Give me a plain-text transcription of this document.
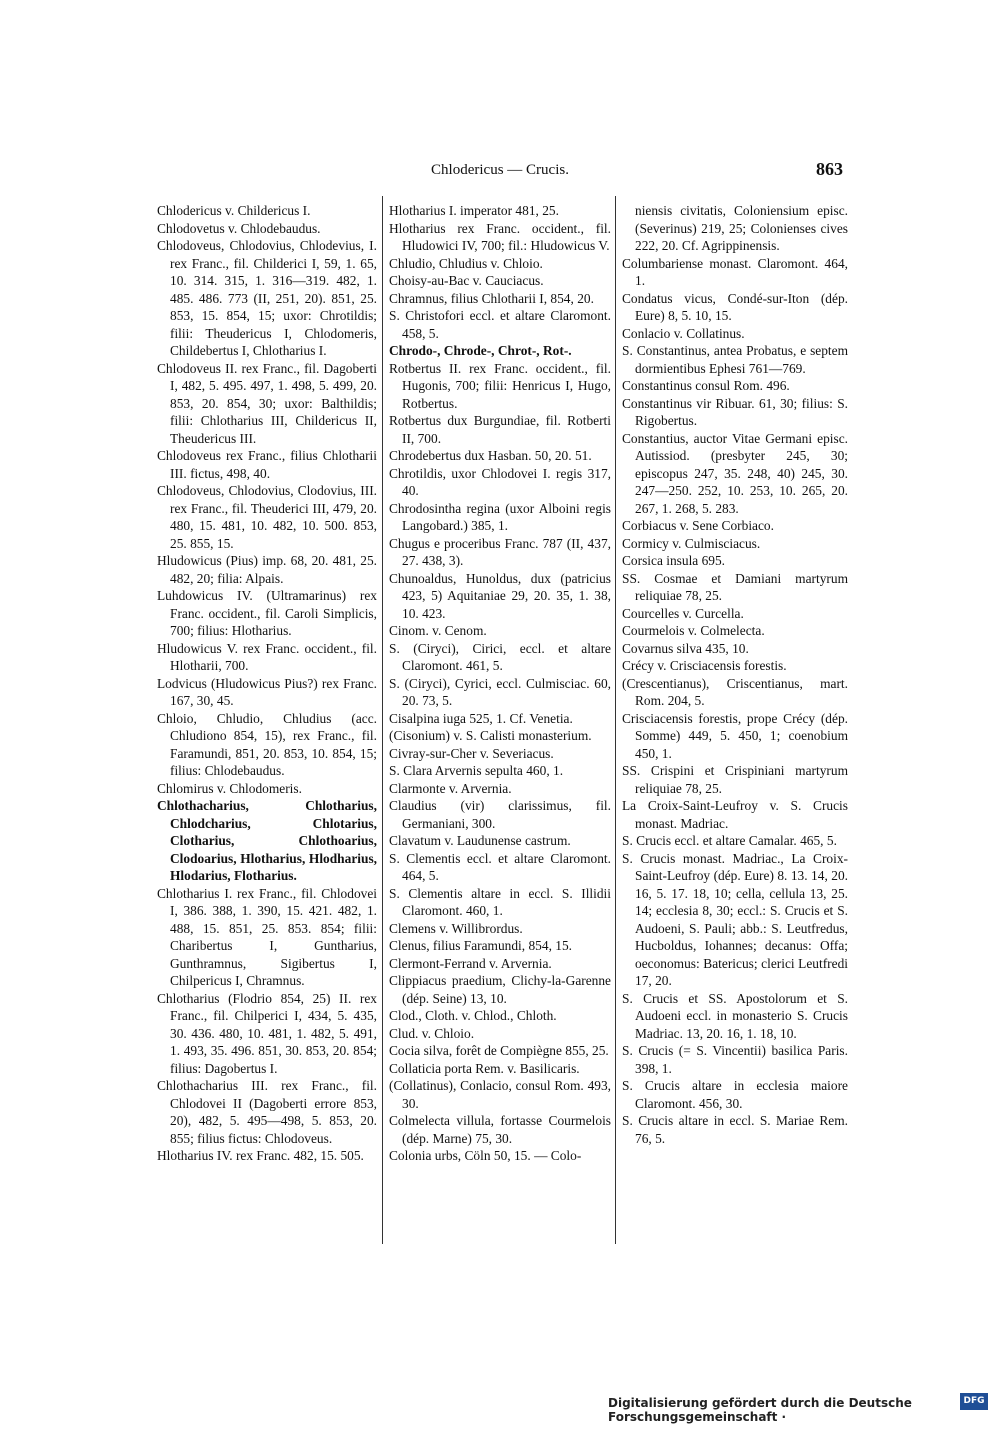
Chlodericus — Crucis.	863

Chlodericus v. Childericus I.

Chlodovetus v. Chlodebaudus.

Chlodoveus, Chlodovius, Chlodevius, I. rex Franc., fil. Childerici I, 59, 1. 65, 10. 314. 315, 1. 316—319. 482, 1. 485. 486. 773 (II, 251, 20). 851, 25. 853, 15. 854, 15; uxor: Chrotildis; filii: Theudericus I, Chlodomeris, Childebertus I, Chlotharius I.

Chlodoveus II. rex Franc., fil. Dagoberti I, 482, 5. 495. 497, 1. 498, 5. 499, 20. 853, 20. 854, 30; uxor: Balthildis; filii: Chlotharius III, Childericus II, Theudericus III.

Chlodoveus rex Franc., filius Chlotharii III. fictus, 498, 40.

Chlodoveus, Chlodovius, Clodovius, III. rex Franc., fil. Theuderici III, 479, 20. 480, 15. 481, 10. 482, 10. 500. 853, 25. 855, 15.

Hludowicus (Pius) imp. 68, 20. 481, 25. 482, 20; filia: Alpais.

Luhdowicus IV. (Ultramarinus) rex Franc. occident., fil. Caroli Simplicis, 700; filius: Hlotharius.

Hludowicus V. rex Franc. occident., fil. Hlotharii, 700.

Lodvicus (Hludowicus Pius?) rex Franc. 167, 30, 45.

Chloio, Chludio, Chludius (acc. Chludiono 854, 15), rex Franc., fil. Faramundi, 851, 20. 853, 10. 854, 15; filius: Chlodebaudus.

Chlomirus v. Chlodomeris.

Chlothacharius, Chlotharius, Chlodcharius, Chlotarius, Clotharius, Chlothoarius, Clodoarius, Hlotharius, Hlodharius, Hlodarius, Flotharius.

Chlotharius I. rex Franc., fil. Chlodovei I, 386. 388, 1. 390, 15. 421. 482, 1. 488, 15. 851, 25. 853. 854; filii: Charibertus I, Guntharius, Gunthramnus, Sigibertus I, Chilpericus I, Chramnus.

Chlotharius (Flodrio 854, 25) II. rex Franc., fil. Chilperici I, 434, 5. 435, 30. 436. 480, 10. 481, 1. 482, 5. 491, 1. 493, 35. 496. 851, 30. 853, 20. 854; filius: Dagobertus I.

Chlothacharius III. rex Franc., fil. Chlodovei II (Dagoberti errore 853, 20), 482, 5. 495—498, 5. 853, 20. 855; filius fictus: Chlodoveus.

Hlotharius IV. rex Franc. 482, 15. 505.

Hlotharius I. imperator 481, 25.

Hlotharius rex Franc. occident., fil. Hludowici IV, 700; fil.: Hludowicus V.

Chludio, Chludius v. Chloio.

Choisy-au-Bac v. Cauciacus.

Chramnus, filius Chlotharii I, 854, 20.

S. Christofori eccl. et altare Claromont. 458, 5.

Chrodo-, Chrode-, Chrot-, Rot-.

Rotbertus II. rex Franc. occident., fil. Hugonis, 700; filii: Henricus I, Hugo, Rotbertus.

Rotbertus dux Burgundiae, fil. Rotberti II, 700.

Chrodebertus dux Hasban. 50, 20. 51.

Chrotildis, uxor Chlodovei I. regis 317, 40.

Chrodosintha regina (uxor Alboini regis Langobard.) 385, 1.

Chugus e proceribus Franc. 787 (II, 437, 27. 438, 3).

Chunoaldus, Hunoldus, dux (patricius 423, 5) Aquitaniae 29, 20. 35, 1. 38, 10. 423.

Cinom. v. Cenom.

S. (Ciryci), Cirici, eccl. et altare Claromont. 461, 5.

S. (Ciryci), Cyrici, eccl. Culmisciac. 60, 20. 73, 5.

Cisalpina iuga 525, 1. Cf. Venetia.

(Cisonium) v. S. Calisti monasterium.

Civray-sur-Cher v. Severiacus.

S. Clara Arvernis sepulta 460, 1.

Clarmonte v. Arvernia.

Claudius (vir) clarissimus, fil. Germaniani, 300.

Clavatum v. Laudunense castrum.

S. Clementis eccl. et altare Claromont. 464, 5.

S. Clementis altare in eccl. S. Illidii Claromont. 460, 1.

Clemens v. Willibrordus.

Clenus, filius Faramundi, 854, 15.

Clermont-Ferrand v. Arvernia.

Clippiacus praedium, Clichy-la-Garenne (dép. Seine) 13, 10.

Clod., Cloth. v. Chlod., Chloth.

Clud. v. Chloio.

Cocia silva, forêt de Compiègne 855, 25.

Collaticia porta Rem. v. Basilicaris.

(Collatinus), Conlacio, consul Rom. 493, 30.

Colmelecta villula, fortasse Courmelois (dép. Marne) 75, 30.

Colonia urbs, Cöln 50, 15. — Colo-

niensis civitatis, Coloniensium episc. (Severinus) 219, 25; Colonienses cives 222, 20. Cf. Agrippinensis.

Columbariense monast. Claromont. 464, 1.

Condatus vicus, Condé-sur-Iton (dép. Eure) 8, 5. 10, 15.

Conlacio v. Collatinus.

S. Constantinus, antea Probatus, e septem dormientibus Ephesi 761—769.

Constantinus consul Rom. 496.

Constantinus vir Ribuar. 61, 30; filius: S. Rigobertus.

Constantius, auctor Vitae Germani episc. Autissiod. (presbyter 245, 30; episcopus 247, 35. 248, 40) 245, 30. 247—250. 252, 10. 253, 10. 265, 20. 267, 1. 268, 5. 283.

Corbiacus v. Sene Corbiaco.

Cormicy v. Culmisciacus.

Corsica insula 695.

SS. Cosmae et Damiani martyrum reliquiae 78, 25.

Courcelles v. Curcella.

Courmelois v. Colmelecta.

Covarnus silva 435, 10.

Crécy v. Crisciacensis forestis.

(Crescentianus), Criscentianus, mart. Rom. 204, 5.

Crisciacensis forestis, prope Crécy (dép. Somme) 449, 5. 450, 1; coenobium 450, 1.

SS. Crispini et Crispiniani martyrum reliquiae 78, 25.

La Croix-Saint-Leufroy v. S. Crucis monast. Madriac.

S. Crucis eccl. et altare Camalar. 465, 5.

S. Crucis monast. Madriac., La Croix-Saint-Leufroy (dép. Eure) 8. 13. 14, 20. 16, 5. 17. 18, 10; cella, cellula 13, 25. 14; ecclesia 8, 30; eccl.: S. Crucis et S. Audoeni, S. Pauli; abb.: S. Leutfredus, Hucboldus, Iohannes; decanus: Offa; oeconomus: Batericus; clerici Leutfredi 17, 20.

S. Crucis et SS. Apostolorum et S. Audoeni eccl. in monasterio S. Crucis Madriac. 13, 20. 16, 1. 18, 10.

S. Crucis (= S. Vincentii) basilica Paris. 398, 1.

S. Crucis altare in ecclesia maiore Claromont. 456, 30.

S. Crucis altare in eccl. S. Mariae Rem. 76, 5.

Digitalisierung gefördert durch die Deutsche Forschungsgemeinschaft ·
DFG
